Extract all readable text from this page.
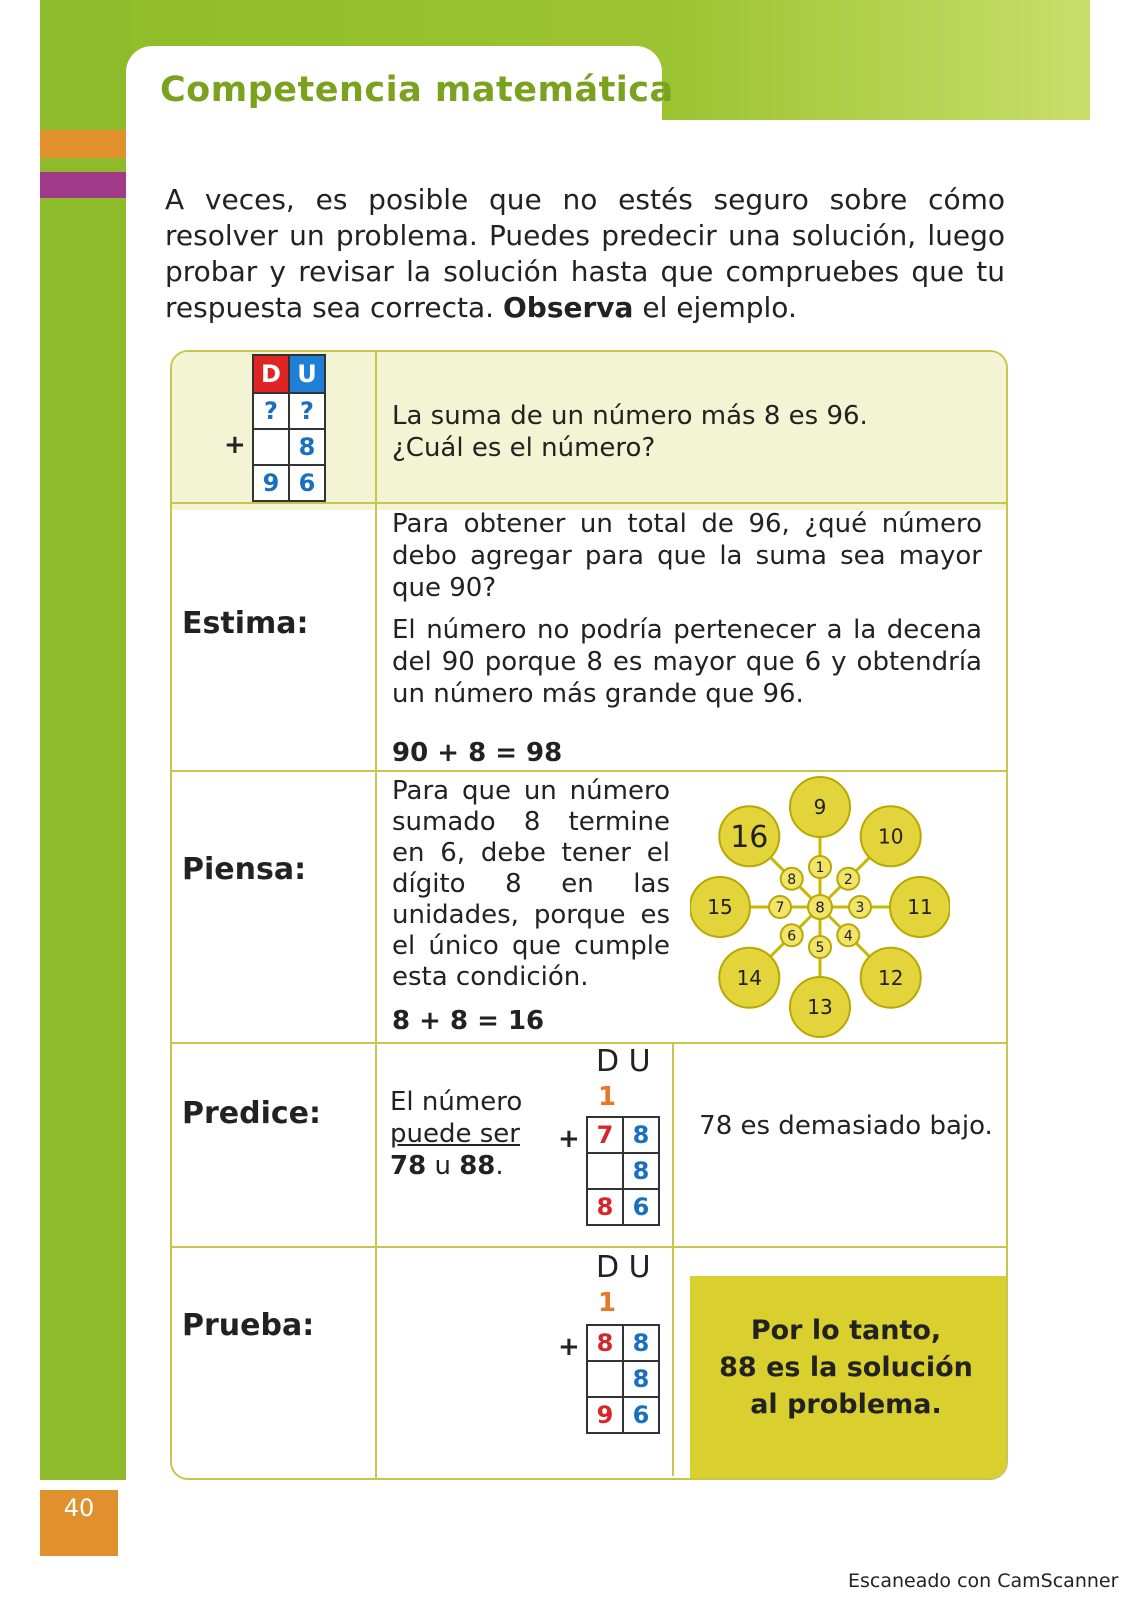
Competencia matemática
A veces, es posible que no estés seguro sobre cómo resolver un problema. Puedes predecir una solución, luego probar y revisar la solución hasta que compruebes que tu respuesta sea correcta. Observa el ejemplo.
D U
? ?
+	8
9 6
La suma de un número más 8 es 96.
¿Cuál es el número?
Estima:
Para obtener un total de 96, ¿qué número debo agregar para que la suma sea mayor que 90?
El número no podría pertenecer a la decena del 90 porque 8 es mayor que 6 y obtendría un número más grande que 96.
90 + 8 = 98
Piensa:
Para que un número sumado 8 termine en 6, debe tener el dígito 8 en las unidades, porque es el único que cumple esta condición.
8 + 8 = 16
9
10
11
12
13
14
15
16
1
2
3
4
5
6
7
8
8
Predice:	El número
puede ser
78 u 88.
D U
1
+ 7 8
8
8 6
78 es demasiado bajo.
Prueba:
D U
1
+ 8 8
8
9 6
Por lo tanto,
88 es la solución
al problema.
40
Escaneado con CamScanner
